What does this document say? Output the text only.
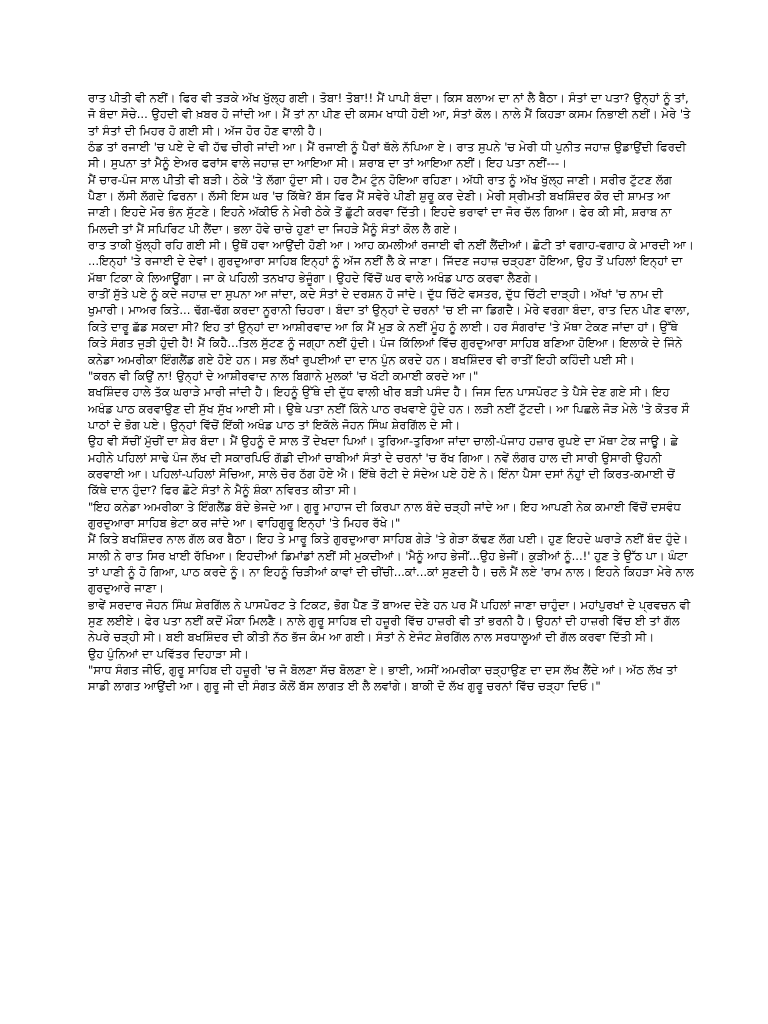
ਰਾਤ ਪੀਤੀ ਵੀ ਨਈਂ। ਫਿਰ ਵੀ ਤੜਕੇ ਅੱਖ ਖੁੱਲ੍ਹ ਗਈ। ਤੋਬਾ! ਤੋਬਾ!! ਮੈਂ ਪਾਪੀ ਬੰਦਾ। ਕਿਸ ਬਲਾਅ ਦਾ ਨਾਂ ਲੈ ਬੈਠਾ। ਸੰਤਾਂ ਦਾ ਪਤਾ? ਉਨ੍ਹਾਂ ਨੂੰ ਤਾਂ, ਜੋ ਬੰਦਾ ਸੋਚੇ... ਉਹਦੀ ਵੀ ਖ਼ਬਰ ਹੋ ਜਾਂਦੀ ਆ। ਮੈਂ ਤਾਂ ਨਾ ਪੀਣ ਦੀ ਕਸਮ ਖਾਧੀ ਹੋਈ ਆ, ਸੰਤਾਂ ਕੋਲ। ਨਾਲੇ ਮੈਂ ਕਿਹੜਾ ਕਸਮ ਨਿਭਾਈ ਨਈਂ। ਮੇਰੇ 'ਤੇ ਤਾਂ ਸੰਤਾਂ ਦੀ ਮਿਹਰ ਹੋ ਗਈ ਸੀ। ਅੱਜ ਹੋਰ ਹੋਣ ਵਾਲੀ ਹੈ।

ਠੰਡ ਤਾਂ ਰਜਾਈ 'ਚ ਪਏ ਦੇ ਵੀ ਹੱਢ ਚੀਰੀ ਜਾਂਦੀ ਆ। ਮੈਂ ਰਜਾਈ ਨੂੰ ਪੈਰਾਂ ਥੱਲੇ ਨੱਪਿਆ ਏ। ਰਾਤ ਸੁਪਨੇ 'ਚ ਮੇਰੀ ਧੀ ਪੁਨੀਤ ਜਹਾਜ਼ ਉਡਾਉਂਦੀ ਫਿਰਦੀ ਸੀ। ਸੁਪਨਾ ਤਾਂ ਮੈਨੂੰ ਏਅਰ ਫਰਾਂਸ ਵਾਲੇ ਜਹਾਜ਼ ਦਾ ਆਇਆ ਸੀ। ਸ਼ਰਾਬ ਦਾ ਤਾਂ ਆਇਆ ਨਈਂ। ਇਹ ਪਤਾ ਨਈਂ---।

ਮੈਂ ਚਾਰ-ਪੰਜ ਸਾਲ ਪੀਤੀ ਵੀ ਬੜੀ। ਠੇਕੇ 'ਤੇ ਲੱਗਾ ਹੁੰਦਾ ਸੀ। ਹਰ ਟੈਮ ਟੁੰਨ ਹੋਇਆ ਰਹਿਣਾ। ਅੱਧੀ ਰਾਤ ਨੂੰ ਅੱਖ ਖੁੱਲ੍ਹ ਜਾਣੀ। ਸਰੀਰ ਟੁੱਟਣ ਲੱਗ ਪੈਣਾ। ਲੱਸੀ ਲੱਗਦੇ ਫਿਰਨਾ। ਲੱਸੀ ਇਸ ਘਰ 'ਚ ਕਿੱਥੇ? ਬੱਸ ਫਿਰ ਮੈਂ ਸਵੇਰੇ ਪੀਣੀ ਸ਼ੁਰੂ ਕਰ ਦੇਣੀ। ਮੇਰੀ ਸ੍ਰੀਮਤੀ ਬਖਸ਼ਿੰਦਰ ਕੋਰ ਦੀ ਸ਼ਾਮਤ ਆ ਜਾਣੀ। ਇਹਦੇ ਮੋਰ ਭੰਨ ਸੁੱਟਣੇ। ਇਹਨੇ ਅੱਕੀਓ ਨੇ ਮੇਰੀ ਠੇਕੇ ਤੋਂ ਛੁੱਟੀ ਕਰਵਾ ਦਿੱਤੀ। ਇਹਦੇ ਭਰਾਵਾਂ ਦਾ ਜੋਰ ਚੱਲ ਗਿਆ। ਫੇਰ ਕੀ ਸੀ, ਸ਼ਰਾਬ ਨਾ ਮਿਲਦੀ ਤਾਂ ਮੈਂ ਸਪਿਰਿਟ ਪੀ ਲੈਂਦਾ। ਭਲਾ ਹੋਵੇ ਚਾਚੇ ਹੁਣਾਂ ਦਾ ਜਿਹੜੇ ਮੈਨੂੰ ਸੰਤਾਂ ਕੋਲ ਲੈ ਗਏ।

ਰਾਤ ਤਾਕੀ ਖੁੱਲ੍ਹੀ ਰਹਿ ਗਈ ਸੀ। ਉਥੋਂ ਹਵਾ ਆਉਂਦੀ ਹੋਣੀ ਆ। ਆਹ ਕਮਲੀਆਂ ਰਜਾਈ ਵੀ ਨਈਂ ਲੈਂਦੀਆਂ। ਛੋਟੀ ਤਾਂ ਵਗਾਹ-ਵਗਾਹ ਕੇ ਮਾਰਦੀ ਆ। ...ਇਨ੍ਹਾਂ 'ਤੇ ਰਜਾਈ ਦੇ ਦੇਵਾਂ। ਗੁਰਦੁਆਰਾ ਸਾਹਿਬ ਇਨ੍ਹਾਂ ਨੂੰ ਅੱਜ ਨਈਂ ਲੈ ਕੇ ਜਾਣਾ। ਜਿੱਦਣ ਜਹਾਜ਼ ਚੜ੍ਹਣਾ ਹੋਇਆ, ਉਹ ਤੋਂ ਪਹਿਲਾਂ ਇਨ੍ਹਾਂ ਦਾ ਮੱਥਾ ਟਿਕਾ ਕੇ ਲਿਆਊਂਗਾ। ਜਾ ਕੇ ਪਹਿਲੀ ਤਨਖਾਹ ਭੇਜੂੰਗਾ। ਉਹਦੇ ਵਿੱਚੋਂ ਘਰ ਵਾਲੇ ਅਖੰਡ ਪਾਠ ਕਰਵਾ ਲੈਣਗੇ।

ਰਾਤੀਂ ਸੁੱਤੇ ਪਏ ਨੂੰ ਕਦੇ ਜਹਾਜ਼ ਦਾ ਸੁਪਨਾ ਆ ਜਾਂਦਾ, ਕਦੇ ਸੰਤਾਂ ਦੇ ਦਰਸ਼ਨ ਹੋ ਜਾਂਦੇ। ਦੁੱਧ ਚਿੱਟੇ ਵਸਤਰ, ਦੁੱਧ ਚਿੱਟੀ ਦਾੜ੍ਹੀ। ਅੱਖਾਂ 'ਚ ਨਾਮ ਦੀ ਖੁਮਾਰੀ। ਮਾਅਰ ਕਿਤੇ... ਢੱਗ-ਢੱਗ ਕਰਦਾ ਨੂਰਾਨੀ ਚਿਹਰਾ। ਬੰਦਾ ਤਾਂ ਉਨ੍ਹਾਂ ਦੇ ਚਰਨਾਂ 'ਚ ਈ ਜਾ ਡਿਗਦੈ। ਮੇਰੇ ਵਰਗਾ ਬੰਦਾ, ਰਾਤ ਦਿਨ ਪੀਣ ਵਾਲਾ, ਕਿਤੇ ਦਾਰੂ ਛੱਡ ਸਕਦਾ ਸੀ? ਇਹ ਤਾਂ ਉਨ੍ਹਾਂ ਦਾ ਆਸ਼ੀਰਵਾਦ ਆ ਕਿ ਮੈਂ ਮੁੜ ਕੇ ਨਈਂ ਮੂੰਹ ਨੂੰ ਲਾਈ। ਹਰ ਸੰਗਰਾਂਦ 'ਤੇ ਮੱਥਾ ਟੇਕਣ ਜਾਂਦਾ ਹਾਂ। ਉੱਥੇ ਕਿਤੇ ਸੰਗਤ ਜੁੜੀ ਹੁੰਦੀ ਹੈ! ਮੈਂ ਕਿਹੈ...ਤਿਲ ਸੁੱਟਣ ਨੂੰ ਜਗ੍ਹਾ ਨਈਂ ਹੁੰਦੀ। ਪੰਜ ਕਿੱਲਿਆਂ ਵਿੱਚ ਗੁਰਦੁਆਰਾ ਸਾਹਿਬ ਬਣਿਆ ਹੋਇਆ। ਇਲਾਕੇ ਦੇ ਜਿੰਨੇ ਕਨੇਡਾ ਅਮਰੀਕਾ ਇੰਗਲੈਂਡ ਗਏ ਹੋਏ ਹਨ। ਸਭ ਲੱਖਾਂ ਰੁਪਈਆਂ ਦਾ ਦਾਨ ਪੁੰਨ ਕਰਦੇ ਹਨ। ਬਖਸ਼ਿੰਦਰ ਵੀ ਰਾਤੀਂ ਇਹੀ ਕਹਿੰਦੀ ਪਈ ਸੀ।

"ਕਰਨ ਵੀ ਕਿਉਂ ਨਾ! ਉਨ੍ਹਾਂ ਦੇ ਆਸ਼ੀਰਵਾਦ ਨਾਲ ਬਿਗਾਨੇ ਮੁਲਕਾਂ 'ਚ ਖੱਟੀ ਕਮਾਈ ਕਰਦੇ ਆ।"

ਬਖਸ਼ਿੰਦਰ ਹਾਲੇ ਤੱਕ ਘਰਾੜੇ ਮਾਰੀ ਜਾਂਦੀ ਹੈ। ਇਹਨੂੰ ਉੱਥੇ ਦੀ ਦੁੱਧ ਵਾਲੀ ਖੀਰ ਬੜੀ ਪਸੰਦ ਹੈ। ਜਿਸ ਦਿਨ ਪਾਸਪੋਰਟ ਤੇ ਪੈਸੇ ਦੇਣ ਗਏ ਸੀ। ਇਹ ਅਖੰਡ ਪਾਠ ਕਰਵਾਉਣ ਦੀ ਸੁੱਖ ਸੁੱਖ ਆਈ ਸੀ। ਉਥੇ ਪਤਾ ਨਈਂ ਕਿੰਨੇ ਪਾਠ ਰਖਵਾਏ ਹੁੰਦੇ ਹਨ। ਲੜੀ ਨਈਂ ਟੁੱਟਦੀ। ਆ ਪਿਛਲੇ ਜੋੜ ਮੇਲੇ 'ਤੇ ਕੋਤਰ ਸੌ ਪਾਠਾਂ ਦੇ ਭੋਗ ਪਏ। ਉਨ੍ਹਾਂ ਵਿੱਚੋਂ ਇੱਕੀ ਅਖੰਡ ਪਾਠ ਤਾਂ ਇਕੱਲੇ ਜੋਹਨ ਸਿੰਘ ਸ਼ੇਰਗਿੱਲ ਦੇ ਸੀ।

ਉਹ ਵੀ ਸੱਚੀਂ ਮੁੱਚੀਂ ਦਾ ਸ਼ੇਰ ਬੰਦਾ। ਮੈਂ ਉਹਨੂੰ ਦੋ ਸਾਲ ਤੋਂ ਦੇਖਦਾ ਪਿਆਂ। ਤੁਰਿਆ-ਤੁਰਿਆ ਜਾਂਦਾ ਚਾਲੀ-ਪੰਜਾਹ ਹਜ਼ਾਰ ਰੁਪਏ ਦਾ ਮੱਥਾ ਟੇਕ ਜਾਊ। ਛੇ ਮਹੀਨੇ ਪਹਿਲਾਂ ਸਾਢੇ ਪੰਜ ਲੱਖ ਦੀ ਸਕਾਰਪਿਓ ਗੱਡੀ ਦੀਆਂ ਚਾਬੀਆਂ ਸੰਤਾਂ ਦੇ ਚਰਨਾਂ 'ਚ ਰੱਖ ਗਿਆ। ਨਵੇਂ ਲੰਗਰ ਹਾਲ ਦੀ ਸਾਰੀ ਉਸਾਰੀ ਉਹਨੀ ਕਰਵਾਈ ਆ। ਪਹਿਲਾਂ-ਪਹਿਲਾਂ ਸੋਚਿਆ, ਸਾਲੇ ਚੋਰ ਠੱਗ ਹੋਏ ਐ। ਇੱਥੇ ਰੋਟੀ ਦੇ ਸੰਦੇਅ ਪਏ ਹੋਏ ਨੇ। ਇੰਨਾ ਪੈਸਾ ਦਸਾਂ ਨੰਹੁਾਂ ਦੀ ਕਿਰਤ-ਕਮਾਈ ਚੋਂ ਕਿੱਥੇ ਦਾਨ ਹੁੰਦਾ? ਫਿਰ ਛੋਟੇ ਸੰਤਾਂ ਨੇ ਮੈਨੂੰ ਸ਼ੰਕਾ ਨਵਿਰਤ ਕੀਤਾ ਸੀ।

"ਇਹ ਕਨੇਡਾ ਅਮਰੀਕਾ ਤੇ ਇੰਗਲੈਂਡ ਬੰਦੇ ਭੇਜਦੇ ਆ। ਗੁਰੂ ਮਾਹਾਜ ਦੀ ਕਿਰਪਾ ਨਾਲ ਬੰਦੇ ਚੜ੍ਹੀ ਜਾਂਦੇ ਆ। ਇਹ ਆਪਣੀ ਨੇਕ ਕਮਾਈ ਵਿੱਚੋਂ ਦਸਵੰਧ ਗੁਰਦੁਆਰਾ ਸਾਹਿਬ ਭੇਟਾ ਕਰ ਜਾਂਦੇ ਆ। ਵਾਹਿਗੁਰੂ ਇਨ੍ਹਾਂ 'ਤੇ ਮਿਹਰ ਰੱਖੇ।"

ਮੈਂ ਕਿਤੇ ਬਖਸ਼ਿੰਦਰ ਨਾਲ ਗੱਲ ਕਰ ਬੈਠਾ। ਇਹ ਤੇ ਮਾਰੂ ਕਿਤੇ ਗੁਰਦੁਆਰਾ ਸਾਹਿਬ ਗੇੜੇ 'ਤੇ ਗੇੜਾ ਕੱਢਣ ਲੱਗ ਪਈ। ਹੁਣ ਇਹਦੇ ਘਰਾੜੇ ਨਈਂ ਬੰਦ ਹੁੰਦੇ। ਸਾਲੀ ਨੇ ਰਾਤ ਸਿਰ ਖਾਈ ਰੱਖਿਆ। ਇਹਦੀਆਂ ਡਿਮਾਂਡਾਂ ਨਈਂ ਸੀ ਮੁਕਦੀਆਂ। 'ਮੈਨੂੰ ਆਹ ਭੇਜੀਂ...ਉਹ ਭੇਜੀਂ। ਕੁੜੀਆਂ ਨੂੰ...!' ਹੁਣ ਤੇ ਉੱਠ ਪਾ। ਘੰਟਾ ਤਾਂ ਪਾਣੀ ਨੂੰ ਹੋ ਗਿਆ, ਪਾਠ ਕਰਦੇ ਨੂੰ। ਨਾ ਇਹਨੂੰ ਚਿੜੀਆਂ ਕਾਵਾਂ ਦੀ ਚੀਂਚੀ...ਕਾਂ...ਕਾਂ ਸੁਣਦੀ ਹੈ। ਚਲੋ ਮੈਂ ਲਏ 'ਰਾਮ ਨਾਲ। ਇਹਨੇ ਕਿਹੜਾ ਮੇਰੇ ਨਾਲ ਗੁਰਦੁਆਰੇ ਜਾਣਾ।

ਭਾਵੇਂ ਸਰਦਾਰ ਜੋਹਨ ਸਿੰਘ ਸ਼ੇਰਗਿੱਲ ਨੇ ਪਾਸਪੋਰਟ ਤੇ ਟਿਕਟ, ਭੋਗ ਪੈਣ ਤੋਂ ਬਾਅਦ ਦੇਣੇ ਹਨ ਪਰ ਮੈਂ ਪਹਿਲਾਂ ਜਾਣਾ ਚਾਹੁੰਦਾ। ਮਹਾਂਪੁਰਖਾਂ ਦੇ ਪ੍ਰਵਚਨ ਵੀ ਸੁਣ ਲਈਏ। ਫੇਰ ਪਤਾ ਨਈਂ ਕਦੋਂ ਮੌਕਾ ਮਿਲਣੈ। ਨਾਲੇ ਗੁਰੂ ਸਾਹਿਬ ਦੀ ਹਜ਼ੂਰੀ ਵਿੱਚ ਹਾਜ਼ਰੀ ਵੀ ਤਾਂ ਭਰਨੀ ਹੈ। ਉਹਨਾਂ ਦੀ ਹਾਜ਼ਰੀ ਵਿੱਚ ਈ ਤਾਂ ਗੱਲ ਨੇਪਰੇ ਚੜ੍ਹੀ ਸੀ। ਬਈ ਬਖਸ਼ਿੰਦਰ ਦੀ ਕੀਤੀ ਨੱਠ ਭੱਜ ਕੰਮ ਆ ਗਈ। ਸੰਤਾਂ ਨੇ ਏਜੰਟ ਸ਼ੇਰਗਿੱਲ ਨਾਲ ਸਰਧਾਲੂਆਂ ਦੀ ਗੱਲ ਕਰਵਾ ਦਿੱਤੀ ਸੀ।

ਉਹ ਪੁੰਨਿਆਂ ਦਾ ਪਵਿੱਤਰ ਦਿਹਾੜਾ ਸੀ।

"ਸਾਧ ਸੰਗਤ ਜੀਓ, ਗੁਰੂ ਸਾਹਿਬ ਦੀ ਹਜ਼ੂਰੀ 'ਚ ਜੋ ਬੋਲਣਾ ਸੱਚ ਬੋਲਣਾ ਏ। ਭਾਈ, ਅਸੀਂ ਅਮਰੀਕਾ ਚੜ੍ਹਾਉਣ ਦਾ ਦਸ ਲੱਖ ਲੈਂਦੇ ਆਂ। ਅੱਠ ਲੱਖ ਤਾਂ ਸਾਡੀ ਲਾਗਤ ਆਉਂਦੀ ਆ। ਗੁਰੂ ਜੀ ਦੀ ਸੰਗਤ ਕੋਲੋਂ ਬੱਸ ਲਾਗਤ ਈ ਲੈ ਲਵਾਂਗੇ। ਬਾਕੀ ਦੋ ਲੱਖ ਗੁਰੂ ਚਰਨਾਂ ਵਿੱਚ ਚੜ੍ਹਾ ਦਿਓ।"
